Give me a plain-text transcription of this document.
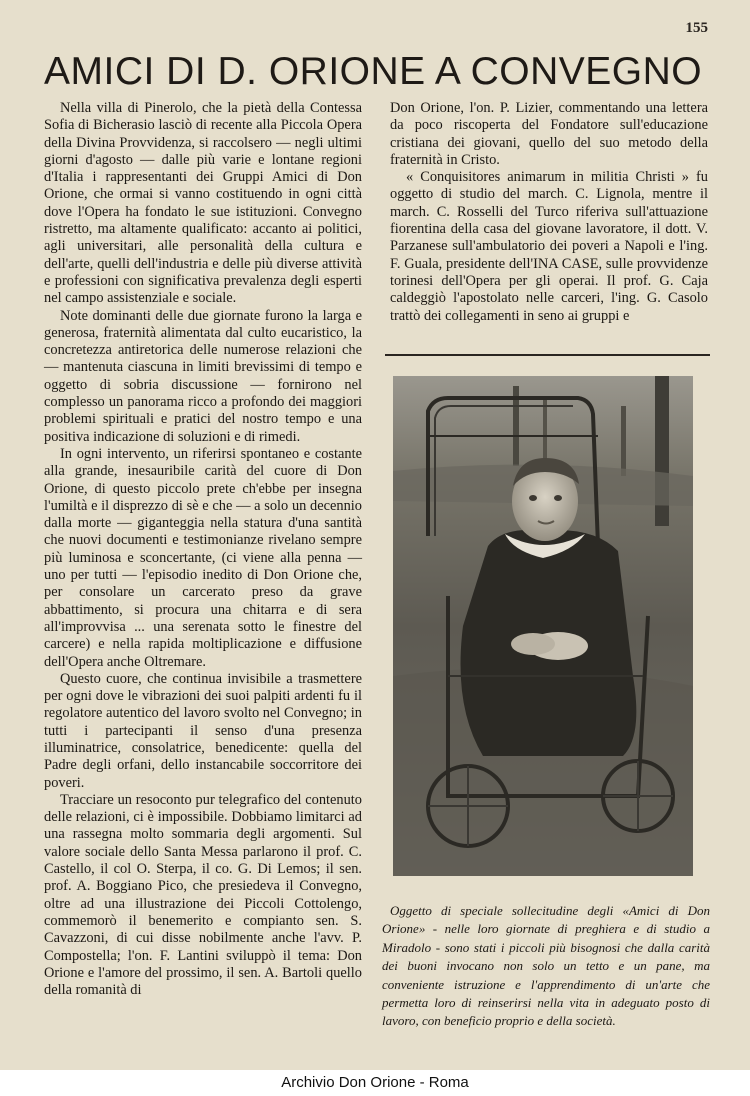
155
AMICI DI D. ORIONE A CONVEGNO

Nella villa di Pinerolo, che la pietà della Contessa Sofia di Bicherasio lasciò di recente alla Piccola Opera della Divina Provvidenza, si raccolsero — negli ultimi giorni d'agosto — dalle più varie e lontane regioni d'Italia i rappresentanti dei Gruppi Amici di Don Orione, che ormai si vanno costituendo in ogni città dove l'Opera ha fondato le sue istituzioni. Convegno ristretto, ma altamente qualificato: accanto ai politici, agli universitari, alle personalità della cultura e dell'arte, quelli dell'industria e delle più diverse attività e professioni con significativa prevalenza degli esperti nel campo assistenziale e sociale.

Note dominanti delle due giornate furono la larga e generosa, fraternità alimentata dal culto eucaristico, la concretezza antiretorica delle numerose relazioni che — mantenuta ciascuna in limiti brevissimi di tempo e oggetto di sobria discussione — fornirono nel complesso un panorama ricco a profondo dei maggiori problemi spirituali e pratici del nostro tempo e una positiva indicazione di soluzioni e di rimedi.

In ogni intervento, un riferirsi spontaneo e costante alla grande, inesauribile carità del cuore di Don Orione, di questo piccolo prete ch'ebbe per insegna l'umiltà e il disprezzo di sè e che — a solo un decennio dalla morte — giganteggia nella statura d'una santità che nuovi documenti e testimonianze rivelano sempre più luminosa e sconcertante, (ci viene alla penna — uno per tutti — l'episodio inedito di Don Orione che, per consolare un carcerato preso da grave abbattimento, si procura una chitarra e di sera all'improvvisa ... una serenata sotto le finestre del carcere) e nella rapida moltiplicazione e diffusione dell'Opera anche Oltremare.

Questo cuore, che continua invisibile a trasmettere per ogni dove le vibrazioni dei suoi palpiti ardenti fu il regolatore autentico del lavoro svolto nel Convegno; in tutti i partecipanti il senso d'una presenza illuminatrice, consolatrice, benedicente: quella del Padre degli orfani, dello instancabile soccorritore dei poveri.

Tracciare un resoconto pur telegrafico del contenuto delle relazioni, ci è impossibile. Dobbiamo limitarci ad una rassegna molto sommaria degli argomenti. Sul valore sociale dello Santa Messa parlarono il prof. C. Castello, il col O. Sterpa, il co. G. Di Lemos; il sen. prof. A. Boggiano Pico, che presiedeva il Convegno, oltre ad una illustrazione dei Piccoli Cottolengo, commemorò il benemerito e compianto sen. S. Cavazzoni, di cui disse nobilmente anche l'avv. P. Compostella; l'on. F. Lantini sviluppò il tema: Don Orione e l'amore del prossimo, il sen. A. Bartoli quello della romanità di

Don Orione, l'on. P. Lizier, commentando una lettera da poco riscoperta del Fondatore sull'educazione cristiana dei giovani, quello del suo metodo della fraternità in Cristo.

« Conquisitores animarum in militia Christi » fu oggetto di studio del march. C. Lignola, mentre il march. C. Rosselli del Turco riferiva sull'attuazione fiorentina della casa del giovane lavoratore, il dott. V. Parzanese sull'ambulatorio dei poveri a Napoli e l'ing. F. Guala, presidente dell'INA CASE, sulle provvidenze torinesi dell'Opera per gli operai. Il prof. G. Caja caldeggiò l'apostolato nelle carceri, l'ing. G. Casolo trattò dei collegamenti in seno ai gruppi e

Oggetto di speciale sollecitudine degli «Amici di Don Orione» - nelle loro giornate di preghiera e di studio a Miradolo - sono stati i piccoli più bisognosi che dalla carità dei buoni invocano non solo un tetto e un pane, ma conveniente istruzione e l'apprendimento di un'arte che permetta loro di reinserirsi nella vita in adeguato posto di lavoro, con beneficio proprio e della società.
Archivio Don Orione - Roma
